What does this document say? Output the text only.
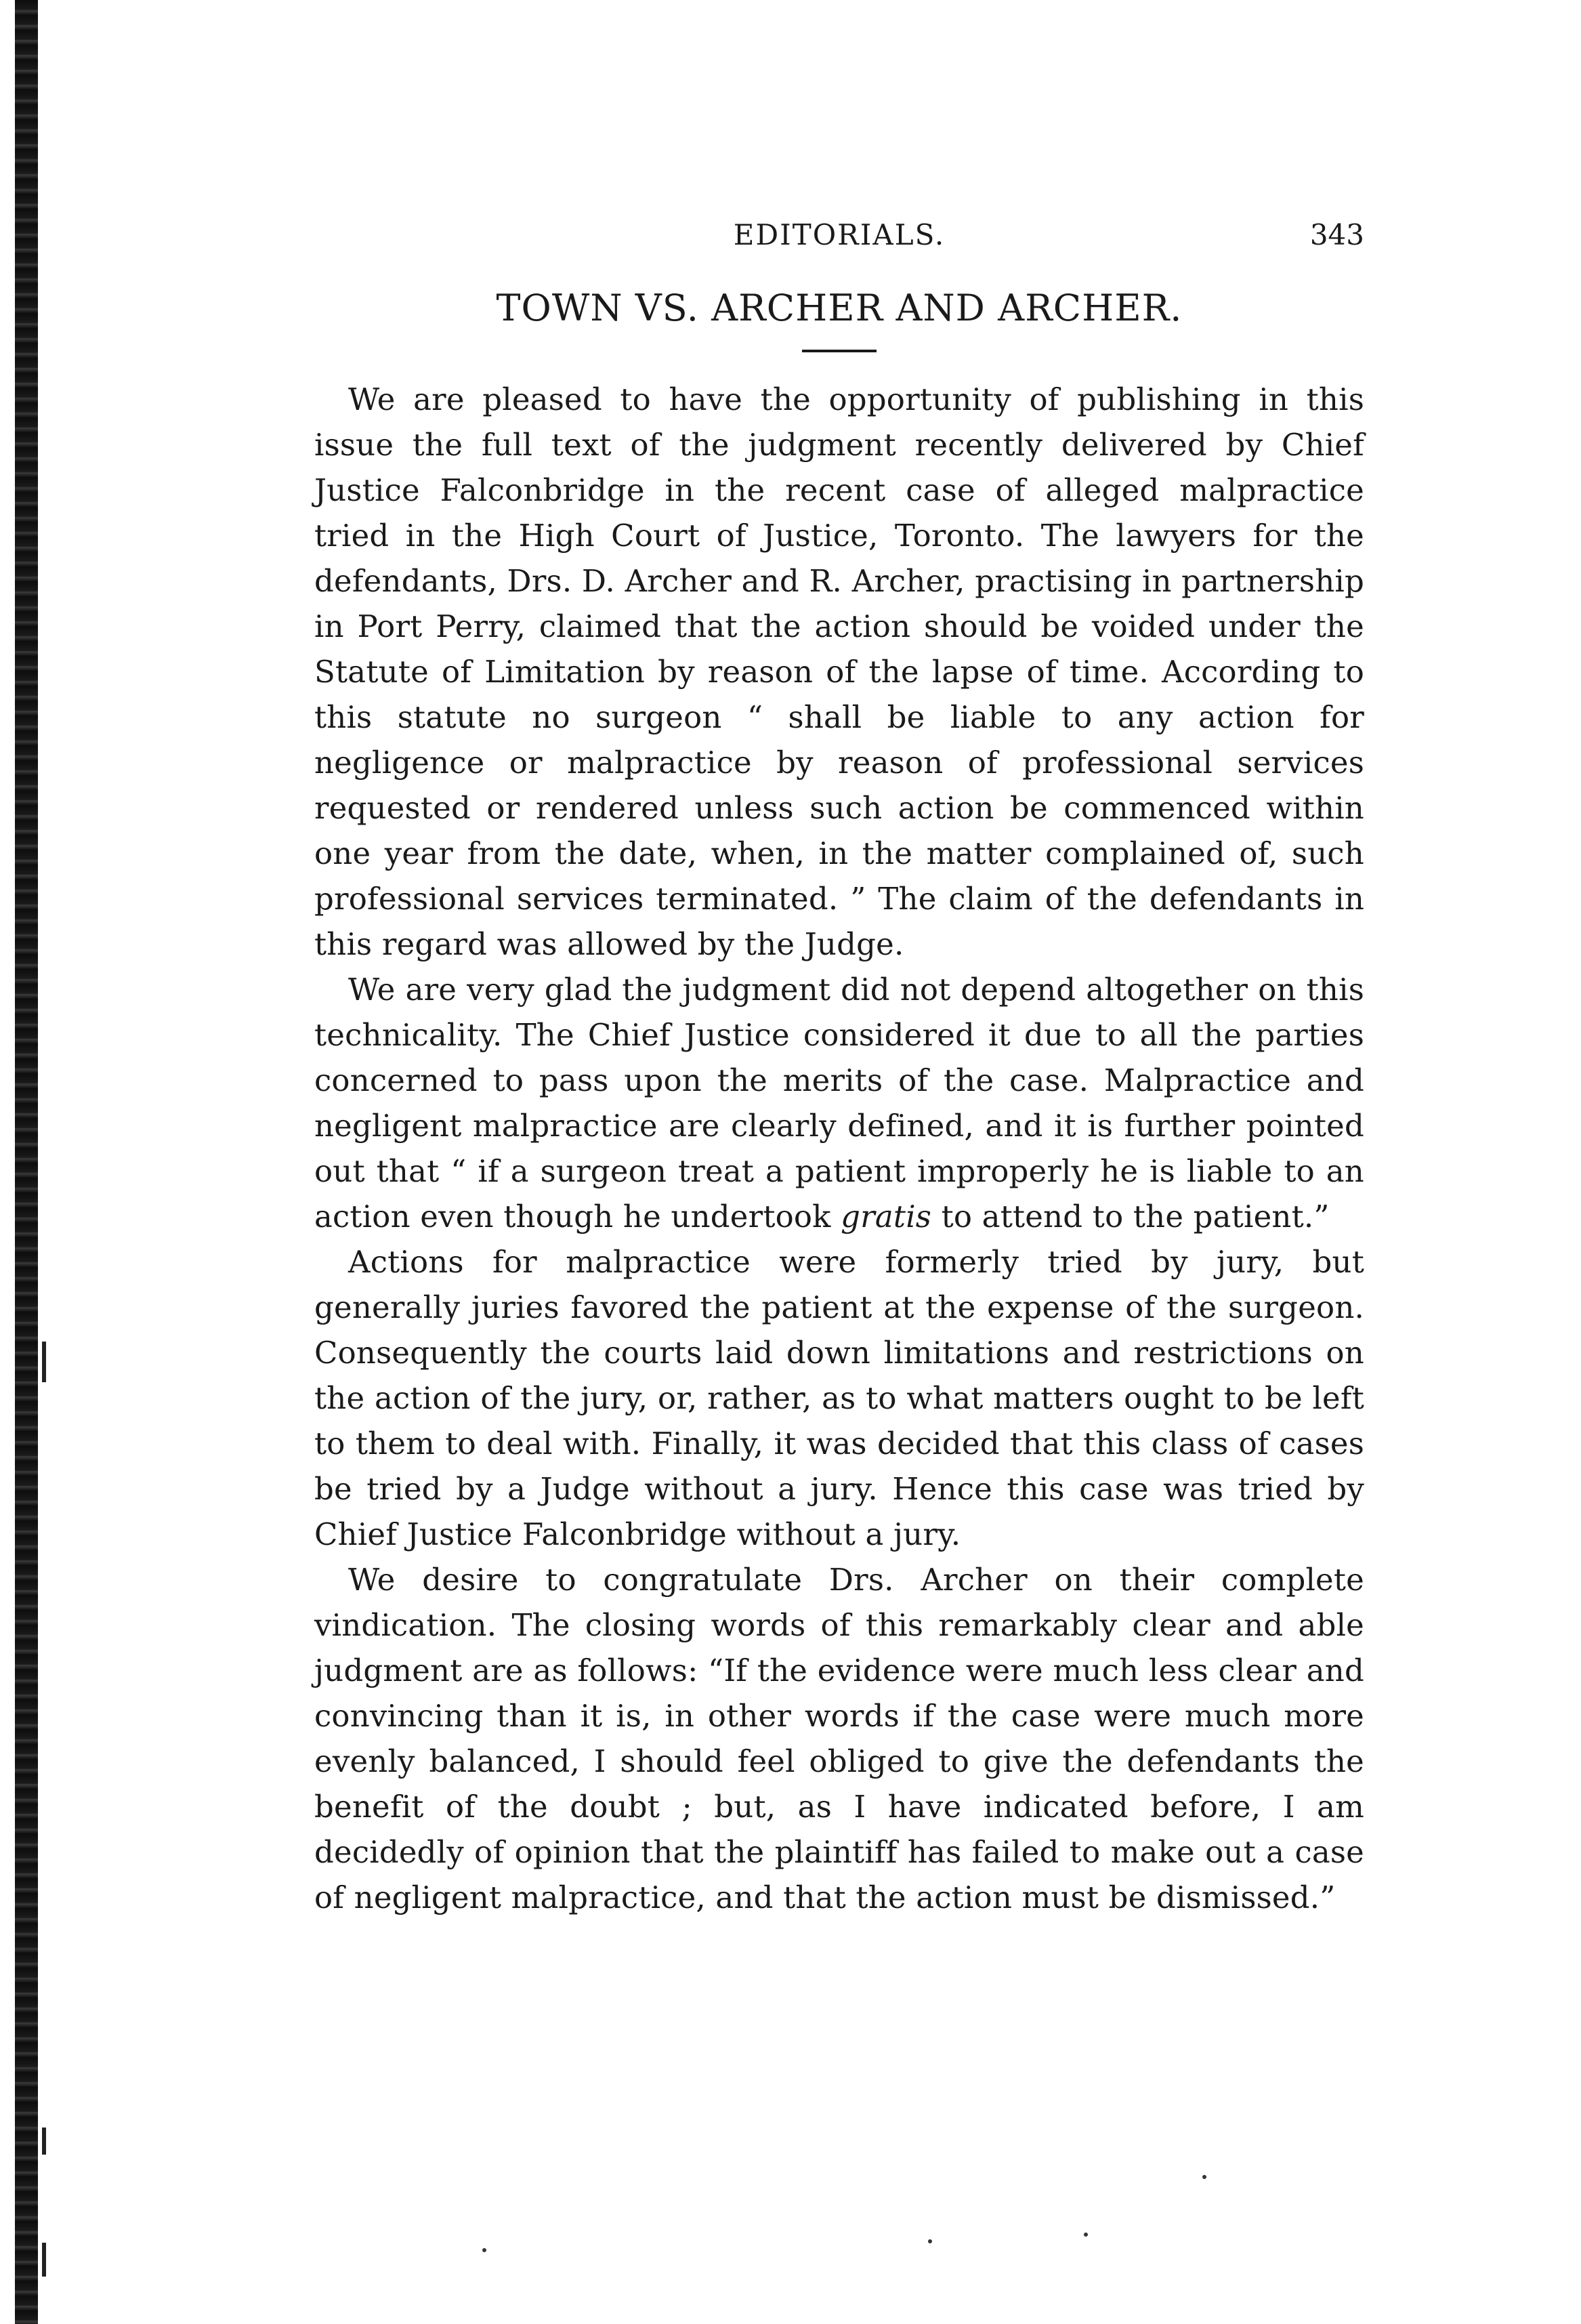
EDITORIALS.	343
TOWN VS. ARCHER AND ARCHER.

We are pleased to have the opportunity of publishing in this issue the full text of the judgment recently delivered by Chief Justice Falconbridge in the recent case of alleged malpractice tried in the High Court of Justice, Toronto. The lawyers for the defendants, Drs. D. Archer and R. Archer, practising in partnership in Port Perry, claimed that the action should be voided under the Statute of Limitation by reason of the lapse of time. According to this statute no surgeon “ shall be liable to any action for negligence or malpractice by reason of professional services requested or rendered unless such action be commenced within one year from the date, when, in the matter complained of, such professional services terminated. ” The claim of the defendants in this regard was allowed by the Judge.

We are very glad the judgment did not depend altogether on this technicality. The Chief Justice considered it due to all the parties concerned to pass upon the merits of the case. Malpractice and negligent malpractice are clearly defined, and it is further pointed out that “ if a surgeon treat a patient improperly he is liable to an action even though he undertook gratis to attend to the patient.”

Actions for malpractice were formerly tried by jury, but generally juries favored the patient at the expense of the surgeon. Consequently the courts laid down limitations and restrictions on the action of the jury, or, rather, as to what matters ought to be left to them to deal with. Finally, it was decided that this class of cases be tried by a Judge without a jury. Hence this case was tried by Chief Justice Falconbridge without a jury.

We desire to congratulate Drs. Archer on their complete vindication. The closing words of this remarkably clear and able judgment are as follows: “If the evidence were much less clear and convincing than it is, in other words if the case were much more evenly balanced, I should feel obliged to give the defendants the benefit of the doubt ; but, as I have indicated before, I am decidedly of opinion that the plaintiff has failed to make out a case of negligent malpractice, and that the action must be dismissed.”
